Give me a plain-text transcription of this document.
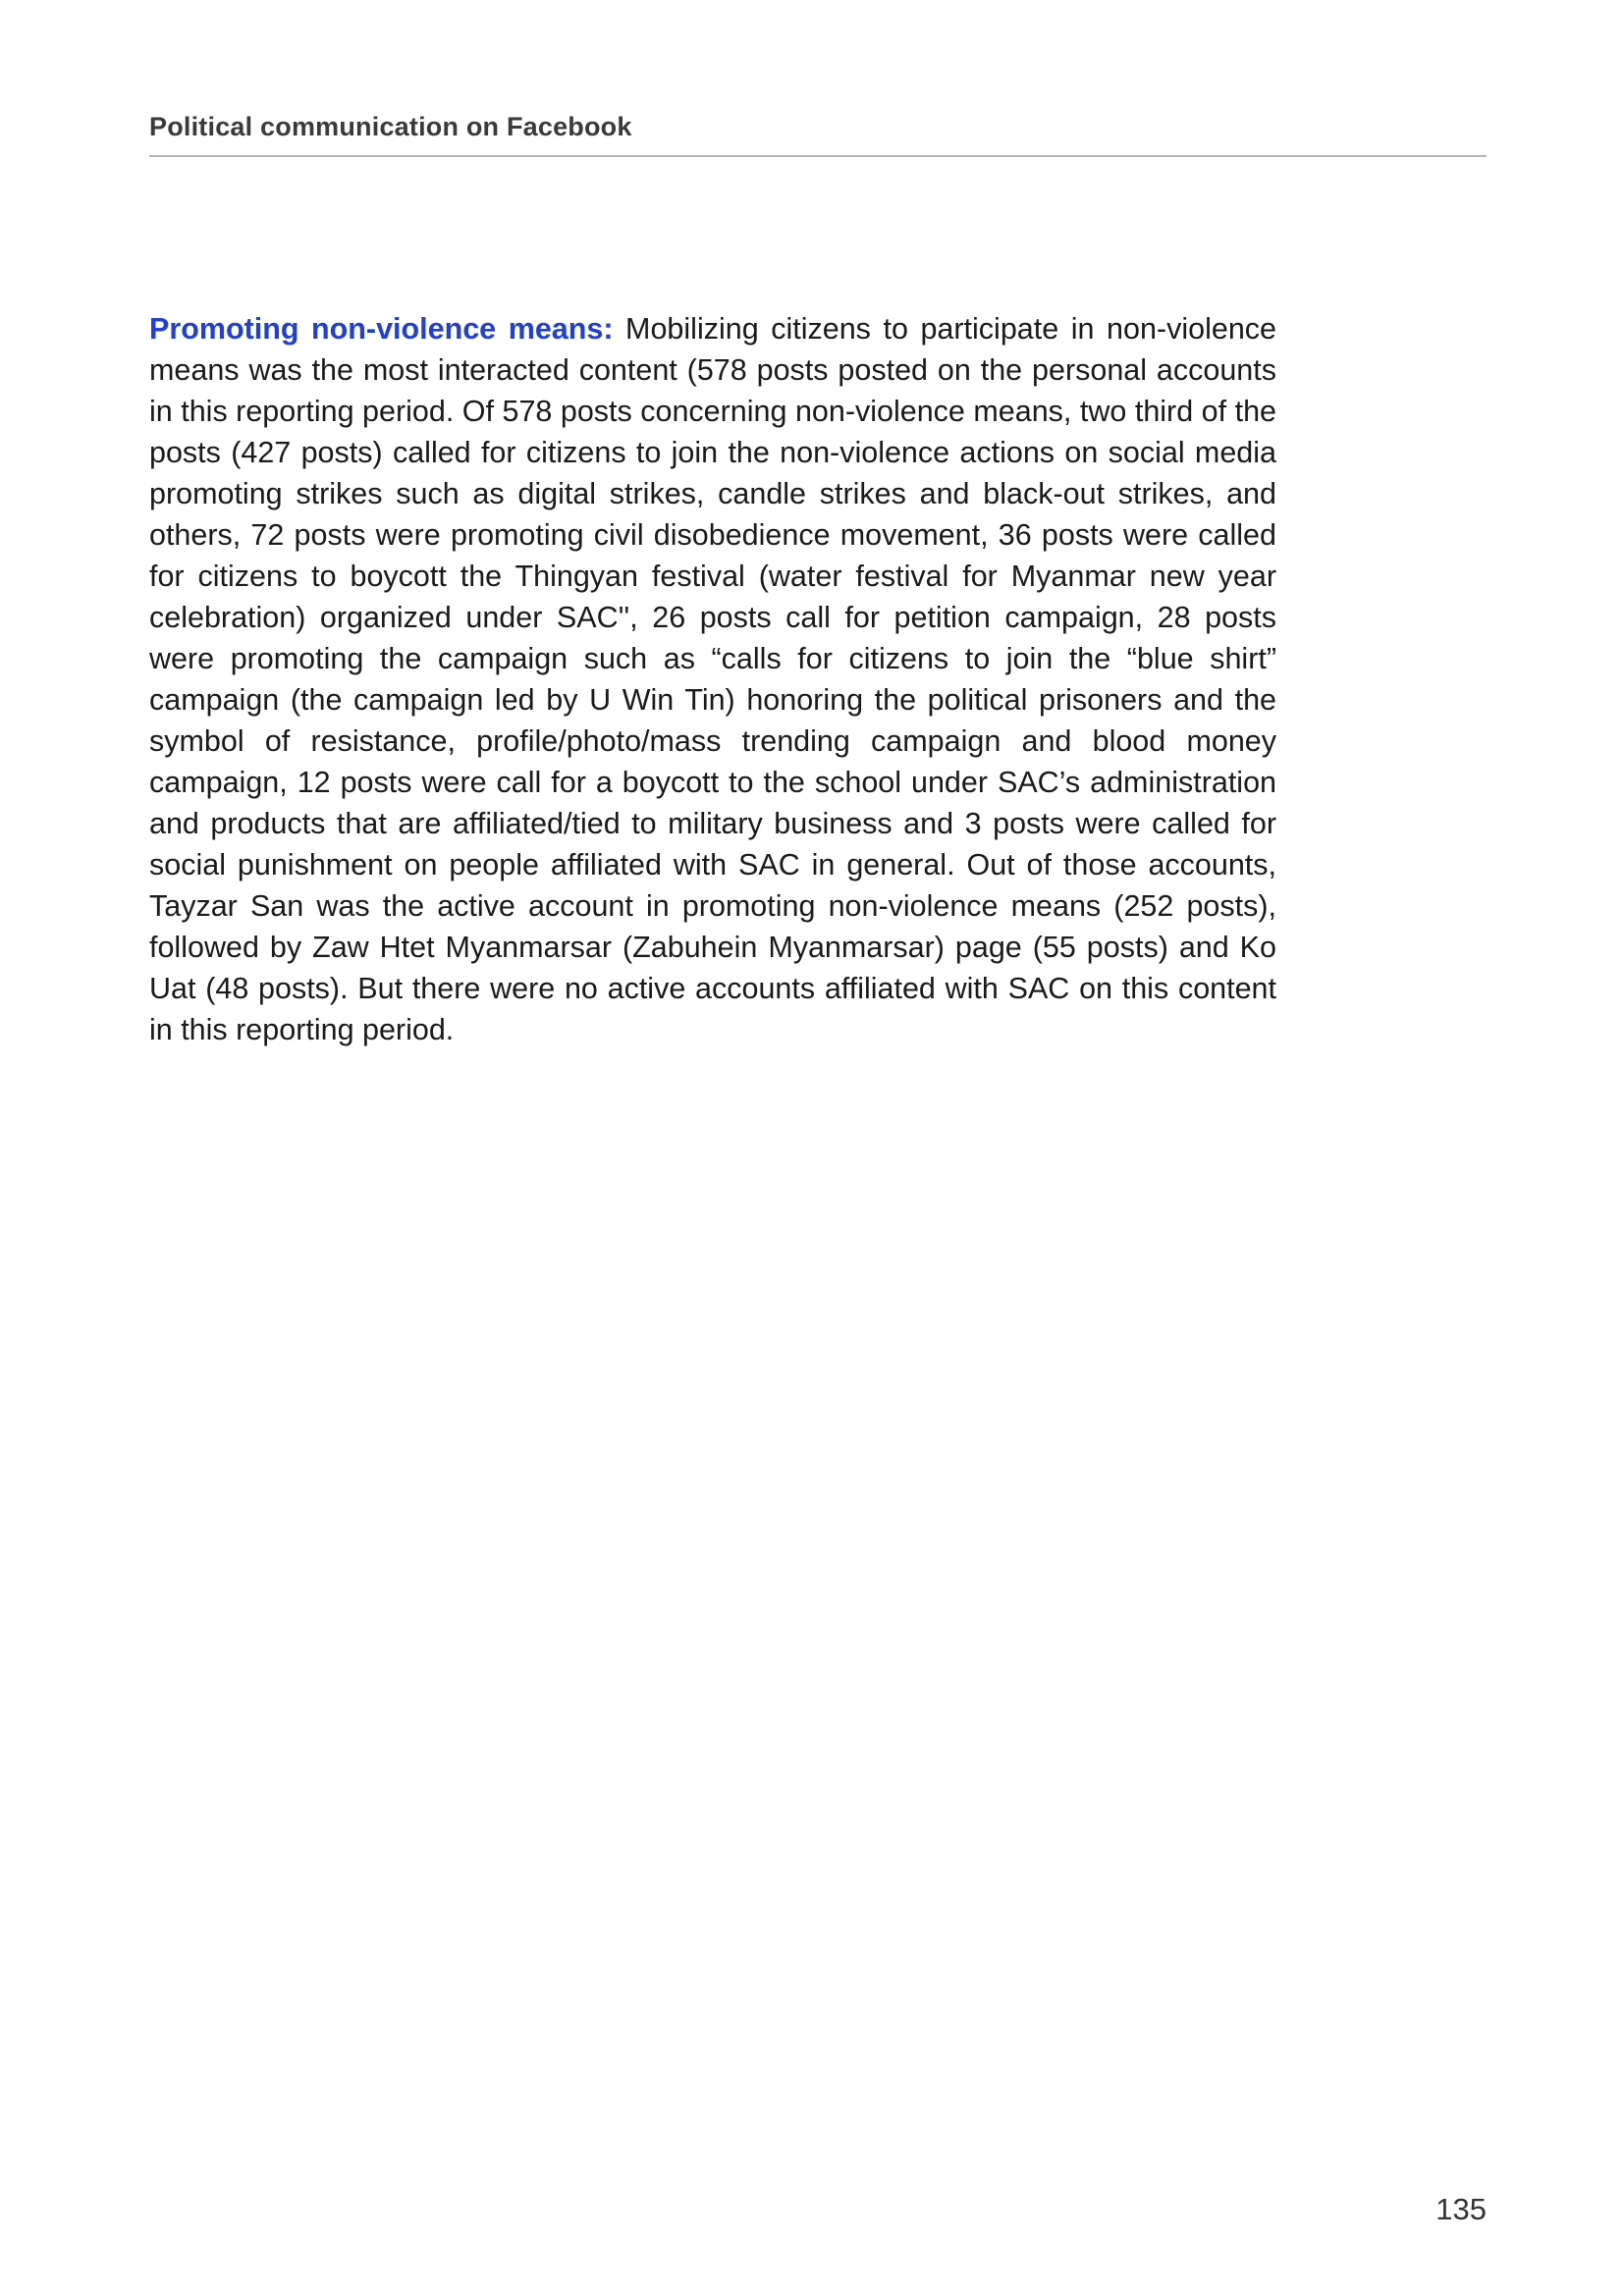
Political communication on Facebook

Promoting non-violence means: Mobilizing citizens to participate in non-violence means was the most interacted content (578 posts posted on the personal accounts in this reporting period. Of 578 posts concerning non-violence means, two third of the posts (427 posts) called for citizens to join the non-violence actions on social media promoting strikes such as digital strikes, candle strikes and black-out strikes, and others, 72 posts were promoting civil disobedience movement, 36 posts were called for citizens to boycott the Thingyan festival (water festival for Myanmar new year celebration) organized under SAC'', 26 posts call for petition campaign, 28 posts were promoting the campaign such as “calls for citizens to join the “blue shirt” campaign (the campaign led by U Win Tin) honoring the political prisoners and the symbol of resistance, profile/photo/mass trending campaign and blood money campaign, 12 posts were call for a boycott to the school under SAC’s administration and products that are affiliated/tied to military business and 3 posts were called for social punishment on people affiliated with SAC in general. Out of those accounts, Tayzar San was the active account in promoting non-violence means (252 posts), followed by Zaw Htet Myanmarsar (Zabuhein Myanmarsar) page (55 posts) and Ko Uat (48 posts). But there were no active accounts affiliated with SAC on this content in this reporting period.

135
